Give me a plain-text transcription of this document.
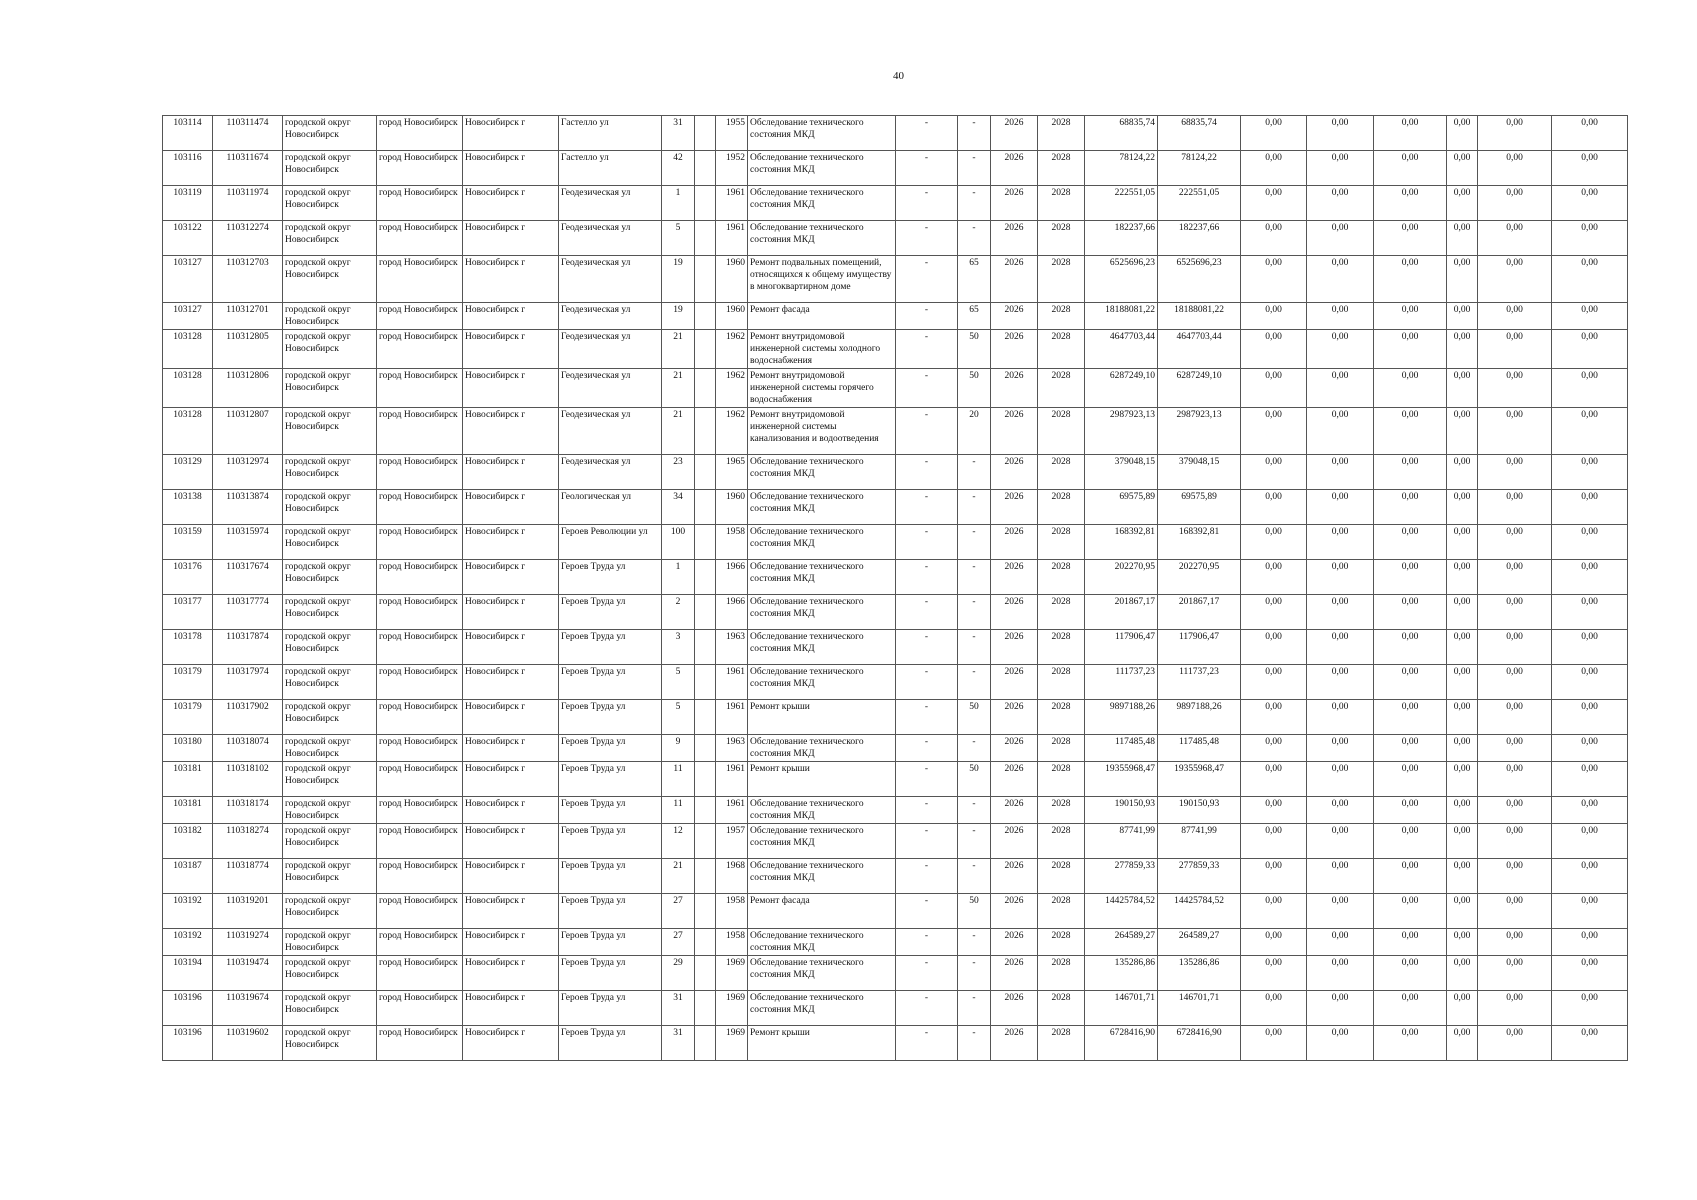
40
103114	110311474	городской округ Новосибирск	город Новосибирск	Новосибирск г	Гастелло ул	31		1955	Обследование технического состояния МКД	-	-	2026	2028	68835,74	68835,74	0,00	0,00	0,00	0,00	0,00	0,00
103116	110311674	городской округ Новосибирск	город Новосибирск	Новосибирск г	Гастелло ул	42		1952	Обследование технического состояния МКД	-	-	2026	2028	78124,22	78124,22	0,00	0,00	0,00	0,00	0,00	0,00
103119	110311974	городской округ Новосибирск	город Новосибирск	Новосибирск г	Геодезическая ул	1		1961	Обследование технического состояния МКД	-	-	2026	2028	222551,05	222551,05	0,00	0,00	0,00	0,00	0,00	0,00
103122	110312274	городской округ Новосибирск	город Новосибирск	Новосибирск г	Геодезическая ул	5		1961	Обследование технического состояния МКД	-	-	2026	2028	182237,66	182237,66	0,00	0,00	0,00	0,00	0,00	0,00
103127	110312703	городской округ Новосибирск	город Новосибирск	Новосибирск г	Геодезическая ул	19		1960	Ремонт подвальных помещений, относящихся к общему имуществу в многоквартирном доме	-	65	2026	2028	6525696,23	6525696,23	0,00	0,00	0,00	0,00	0,00	0,00
103127	110312701	городской округ Новосибирск	город Новосибирск	Новосибирск г	Геодезическая ул	19		1960	Ремонт фасада	-	65	2026	2028	18188081,22	18188081,22	0,00	0,00	0,00	0,00	0,00	0,00
103128	110312805	городской округ Новосибирск	город Новосибирск	Новосибирск г	Геодезическая ул	21		1962	Ремонт внутридомовой инженерной системы холодного водоснабжения	-	50	2026	2028	4647703,44	4647703,44	0,00	0,00	0,00	0,00	0,00	0,00
103128	110312806	городской округ Новосибирск	город Новосибирск	Новосибирск г	Геодезическая ул	21		1962	Ремонт внутридомовой инженерной системы горячего водоснабжения	-	50	2026	2028	6287249,10	6287249,10	0,00	0,00	0,00	0,00	0,00	0,00
103128	110312807	городской округ Новосибирск	город Новосибирск	Новосибирск г	Геодезическая ул	21		1962	Ремонт внутридомовой инженерной системы канализования и водоотведения	-	20	2026	2028	2987923,13	2987923,13	0,00	0,00	0,00	0,00	0,00	0,00
103129	110312974	городской округ Новосибирск	город Новосибирск	Новосибирск г	Геодезическая ул	23		1965	Обследование технического состояния МКД	-	-	2026	2028	379048,15	379048,15	0,00	0,00	0,00	0,00	0,00	0,00
103138	110313874	городской округ Новосибирск	город Новосибирск	Новосибирск г	Геологическая ул	34		1960	Обследование технического состояния МКД	-	-	2026	2028	69575,89	69575,89	0,00	0,00	0,00	0,00	0,00	0,00
103159	110315974	городской округ Новосибирск	город Новосибирск	Новосибирск г	Героев Революции ул	100		1958	Обследование технического состояния МКД	-	-	2026	2028	168392,81	168392,81	0,00	0,00	0,00	0,00	0,00	0,00
103176	110317674	городской округ Новосибирск	город Новосибирск	Новосибирск г	Героев Труда ул	1		1966	Обследование технического состояния МКД	-	-	2026	2028	202270,95	202270,95	0,00	0,00	0,00	0,00	0,00	0,00
103177	110317774	городской округ Новосибирск	город Новосибирск	Новосибирск г	Героев Труда ул	2		1966	Обследование технического состояния МКД	-	-	2026	2028	201867,17	201867,17	0,00	0,00	0,00	0,00	0,00	0,00
103178	110317874	городской округ Новосибирск	город Новосибирск	Новосибирск г	Героев Труда ул	3		1963	Обследование технического состояния МКД	-	-	2026	2028	117906,47	117906,47	0,00	0,00	0,00	0,00	0,00	0,00
103179	110317974	городской округ Новосибирск	город Новосибирск	Новосибирск г	Героев Труда ул	5		1961	Обследование технического состояния МКД	-	-	2026	2028	111737,23	111737,23	0,00	0,00	0,00	0,00	0,00	0,00
103179	110317902	городской округ Новосибирск	город Новосибирск	Новосибирск г	Героев Труда ул	5		1961	Ремонт крыши	-	50	2026	2028	9897188,26	9897188,26	0,00	0,00	0,00	0,00	0,00	0,00
103180	110318074	городской округ Новосибирск	город Новосибирск	Новосибирск г	Героев Труда ул	9		1963	Обследование технического состояния МКД	-	-	2026	2028	117485,48	117485,48	0,00	0,00	0,00	0,00	0,00	0,00
103181	110318102	городской округ Новосибирск	город Новосибирск	Новосибирск г	Героев Труда ул	11		1961	Ремонт крыши	-	50	2026	2028	19355968,47	19355968,47	0,00	0,00	0,00	0,00	0,00	0,00
103181	110318174	городской округ Новосибирск	город Новосибирск	Новосибирск г	Героев Труда ул	11		1961	Обследование технического состояния МКД	-	-	2026	2028	190150,93	190150,93	0,00	0,00	0,00	0,00	0,00	0,00
103182	110318274	городской округ Новосибирск	город Новосибирск	Новосибирск г	Героев Труда ул	12		1957	Обследование технического состояния МКД	-	-	2026	2028	87741,99	87741,99	0,00	0,00	0,00	0,00	0,00	0,00
103187	110318774	городской округ Новосибирск	город Новосибирск	Новосибирск г	Героев Труда ул	21		1968	Обследование технического состояния МКД	-	-	2026	2028	277859,33	277859,33	0,00	0,00	0,00	0,00	0,00	0,00
103192	110319201	городской округ Новосибирск	город Новосибирск	Новосибирск г	Героев Труда ул	27		1958	Ремонт фасада	-	50	2026	2028	14425784,52	14425784,52	0,00	0,00	0,00	0,00	0,00	0,00
103192	110319274	городской округ Новосибирск	город Новосибирск	Новосибирск г	Героев Труда ул	27		1958	Обследование технического состояния МКД	-	-	2026	2028	264589,27	264589,27	0,00	0,00	0,00	0,00	0,00	0,00
103194	110319474	городской округ Новосибирск	город Новосибирск	Новосибирск г	Героев Труда ул	29		1969	Обследование технического состояния МКД	-	-	2026	2028	135286,86	135286,86	0,00	0,00	0,00	0,00	0,00	0,00
103196	110319674	городской округ Новосибирск	город Новосибирск	Новосибирск г	Героев Труда ул	31		1969	Обследование технического состояния МКД	-	-	2026	2028	146701,71	146701,71	0,00	0,00	0,00	0,00	0,00	0,00
103196	110319602	городской округ Новосибирск	город Новосибирск	Новосибирск г	Героев Труда ул	31		1969	Ремонт крыши	-	-	2026	2028	6728416,90	6728416,90	0,00	0,00	0,00	0,00	0,00	0,00
